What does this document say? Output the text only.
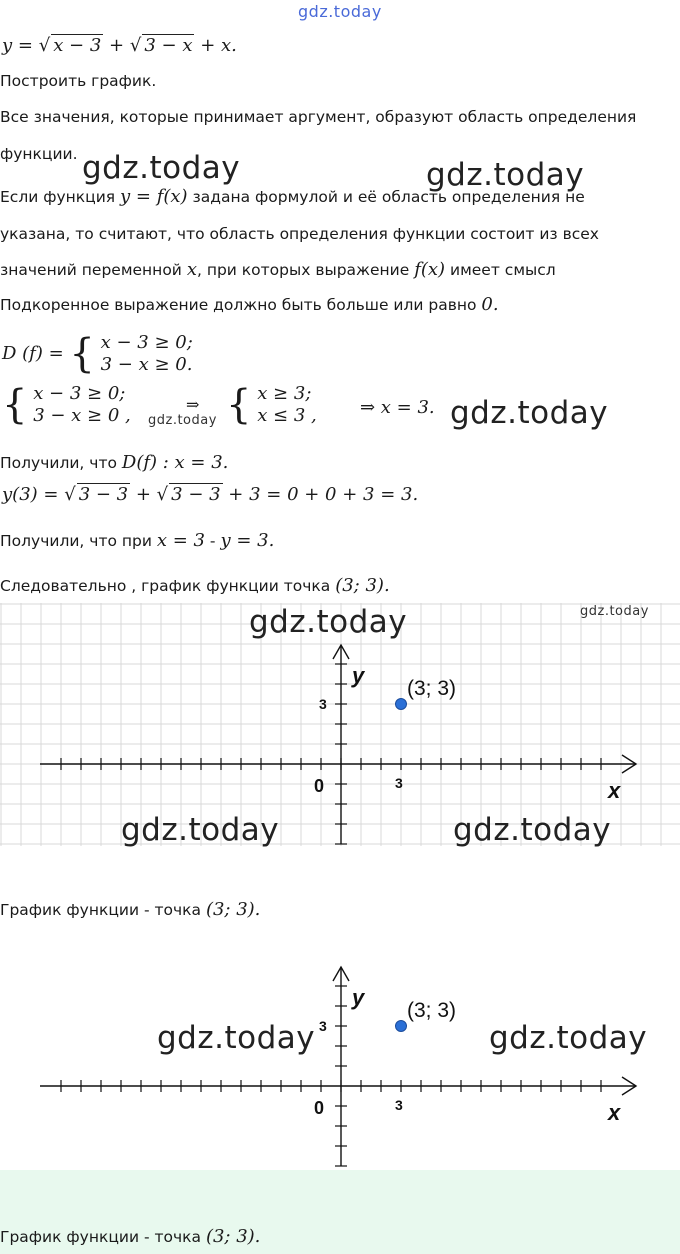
gdz.today
y = √ x − 3 + √ 3 − x + x.
Построить график.
Все значения, которые принимает аргумент, образуют область определения
функции. gdz.today	gdz.today
Если функция y = f(x) задана формулой и её область определения не
указана, то считают, что область определения функции состоит из всех
значений переменной x, при которых выражение f(x) имеет смысл
Подкоренное выражение должно быть больше или равно 0.
D (f) = { x − 3 ≥ 0;
3 − x ≥ 0.
{ x − 3 ≥ 0;
3 − x ≥ 0 , gdz.today
⇒ { x ≥ 3;
x ≤ 3 , ⇒ x = 3. gdz.today
Получили, что D(f) : x = 3.
y(3) = √ 3 − 3 + √ 3 − 3 + 3 = 0 + 0 + 3 = 3.
Получили, что при x = 3 - y = 3.
Следовательно , график функции точка (3; 3).
x
y
0	3
3
(3; 3)
gdz.today
gdz.today
gdz.today	gdz.today
График функции - точка (3; 3).
x
y
0	3
3
(3; 3)
gdz.today	gdz.today
График функции - точка (3; 3).
